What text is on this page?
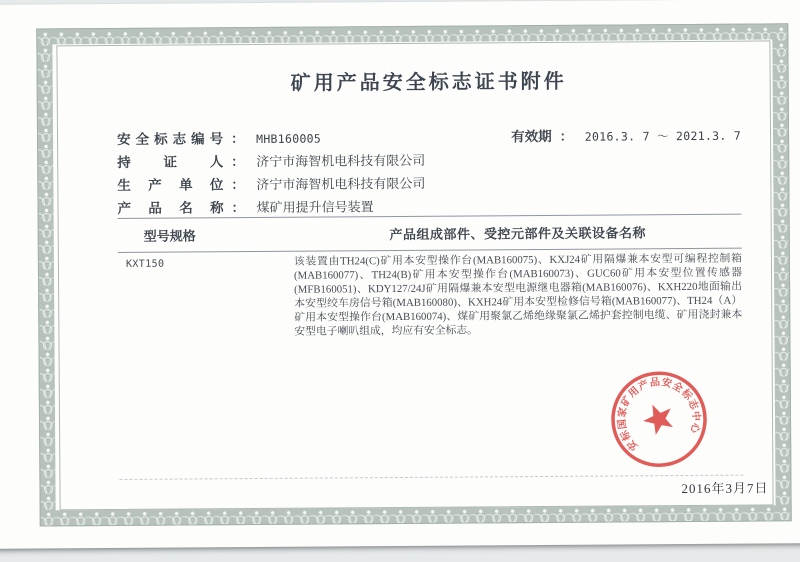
矿用产品安全标志证书附件
安全标志编号 ： MHB160005	有效期 ： 2016.3. 7 ～ 2021.3. 7
持证人 ： 济宁市海智机电科技有限公司
生产单位 ： 济宁市海智机电科技有限公司
产品名称 ： 煤矿用提升信号装置
型号规格	产品组成部件、受控元部件及关联设备名称
KXT150	该装置由TH24(C)矿用本安型操作台(MAB160075)、KXJ24矿用隔爆兼本安型可编程控制箱 (MAB160077)、TH24(B)矿用本安型操作台(MAB160073)、GUC60矿用本安型位置传感器(MFB160051)、KDY127/24J矿用隔爆兼本安型电源继电器箱(MAB160076)、KXH220地面输出本安型绞车房信号箱(MAB160080)、KXH24矿用本安型检修信号箱(MAB160077)、TH24（A）矿用本安型操作台(MAB160074)、煤矿用聚氯乙烯绝缘聚氯乙烯护套控制电缆、矿用浇封兼本安型电子喇叭组成，均应有安全标志。
安标国家矿用产品安全标志中心
2016年3月7日
